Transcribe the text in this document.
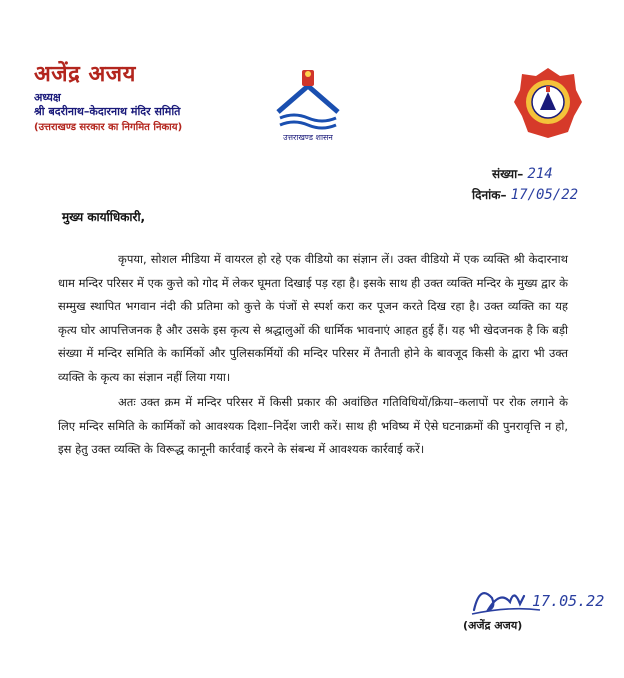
अजेंद्र अजय
अध्यक्ष
श्री बदरीनाथ–केदारनाथ मंदिर समिति
(उत्तराखण्ड सरकार का निगमित निकाय)
उत्तराखण्ड शासन
संख्या– 214
दिनांक– 17/05/22
मुख्य कार्याधिकारी,

कृपया, सोशल मीडिया में वायरल हो रहे एक वीडियो का संज्ञान लें। उक्त वीडियो में एक व्यक्ति श्री केदारनाथ धाम मन्दिर परिसर में एक कुत्ते को गोद में लेकर घूमता दिखाई पड़ रहा है। इसके साथ ही उक्त व्यक्ति मन्दिर के मुख्य द्वार के सम्मुख स्थापित भगवान नंदी की प्रतिमा को कुत्ते के पंजों से स्पर्श करा कर पूजन करते दिख रहा है। उक्त व्यक्ति का यह कृत्य घोर आपत्तिजनक है और उसके इस कृत्य से श्रद्धालुओं की धार्मिक भावनाएं आहत हुई हैं। यह भी खेदजनक है कि बड़ी संख्या में मन्दिर समिति के कार्मिकों और पुलिसकर्मियों की मन्दिर परिसर में तैनाती होने के बावजूद किसी के द्वारा भी उक्त व्यक्ति के कृत्य का संज्ञान नहीं लिया गया।

अतः उक्त क्रम में मन्दिर परिसर में किसी प्रकार की अवांछित गतिविधियों/क्रिया–कलापों पर रोक लगाने के लिए मन्दिर समिति के कार्मिकों को आवश्यक दिशा–निर्देश जारी करें। साथ ही भविष्य में ऐसे घटनाक्रमों की पुनरावृत्ति न हो, इस हेतु उक्त व्यक्ति के विरूद्ध कानूनी कार्रवाई करने के संबन्ध में आवश्यक कार्रवाई करें।

17.05.22
(अजेंद्र अजय)
